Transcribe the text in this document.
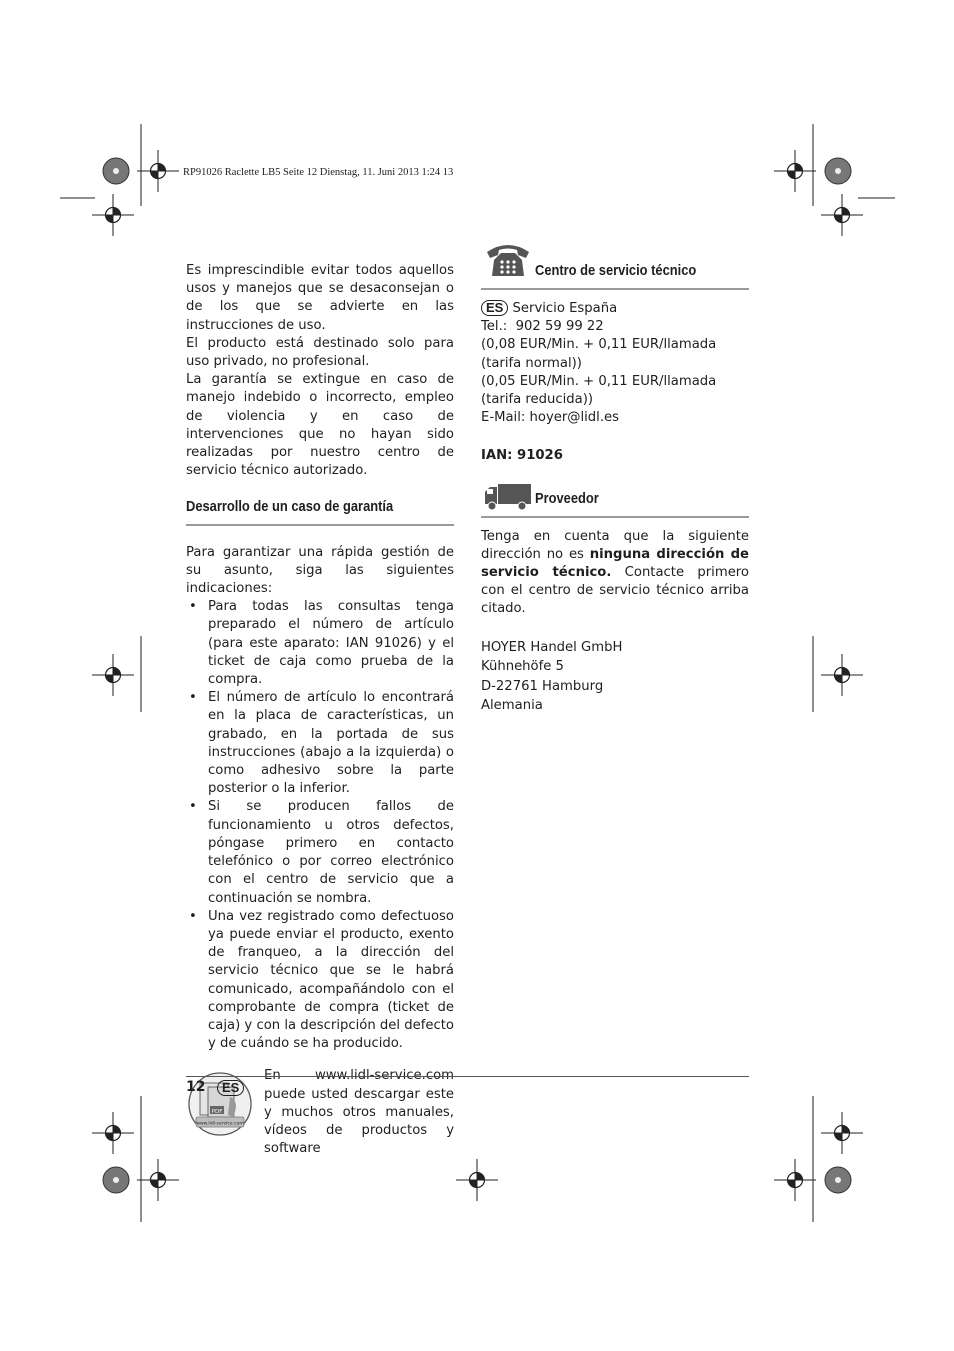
RP91026 Raclette LB5 Seite 12 Dienstag, 11. Juni 2013 1:24 13

Es imprescindible evitar todos aquellos usos y manejos que se desaconsejan o de los que se advierte en las instrucciones de uso.

El producto está destinado solo para uso privado, no profesional.

La garantía se extingue en caso de manejo indebido o incorrecto, empleo de violencia y en caso de intervenciones que no hayan sido realizadas por nuestro centro de servicio técnico autorizado.

Desarrollo de un caso de garantía

Para garantizar una rápida gestión de su asunto, siga las siguientes indicaciones:

• Para todas las consultas tenga preparado el número de artículo (para este aparato: IAN 91026) y el ticket de caja como prueba de la compra.
• El número de artículo lo encontrará en la placa de características, un grabado, en la portada de sus instrucciones (abajo a la izquierda) o como adhesivo sobre la parte posterior o la inferior.
• Si se producen fallos de funcionamiento u otros defectos, póngase primero en contacto telefónico o por correo electrónico con el centro de servicio que a continuación se nombra.
• Una vez registrado como defectuoso ya puede enviar el producto, exento de franqueo, a la dirección del servicio técnico que se le habrá comunicado, acompañándolo con el comprobante de compra (ticket de caja) y con la descripción del defecto y de cuándo se ha producido.
PDF
www.lidl-service.com

En www.lidl-service.com puede usted descargar este y muchos otros manuales, vídeos de productos y software

Centro de servicio técnico
ES Servicio España
Tel.:  902 59 99 22
(0,08 EUR/Min. + 0,11 EUR/llamada
(tarifa normal))
(0,05 EUR/Min. + 0,11 EUR/llamada
(tarifa reducida))
E-Mail: hoyer@lidl.es
IAN: 91026
Proveedor

Tenga en cuenta que la siguiente dirección no es ninguna dirección de servicio técnico. Contacte primero con el centro de servicio técnico arriba citado.

HOYER Handel GmbH
Kühnehöfe 5
D-22761 Hamburg
Alemania
12	ES
